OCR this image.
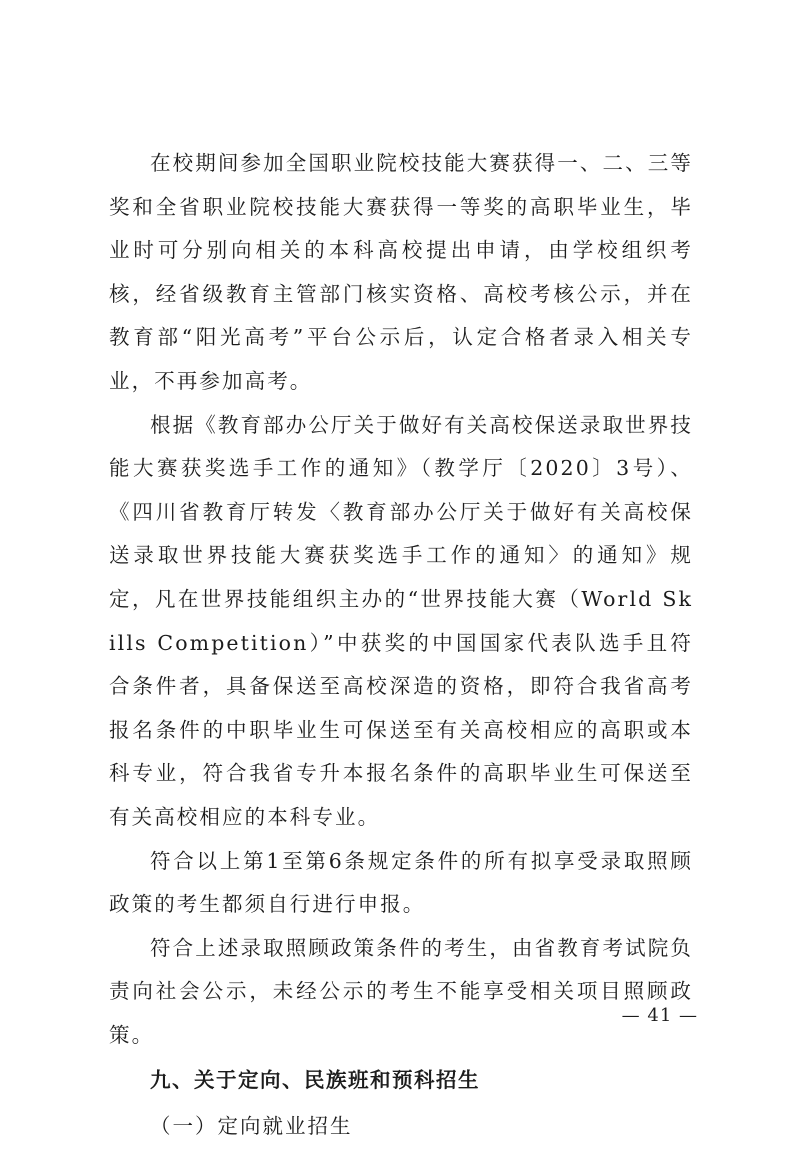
在校期间参加全国职业院校技能大赛获得一、二、三等奖和全省职业院校技能大赛获得一等奖的高职毕业生，毕业时可分别向相关的本科高校提出申请，由学校组织考核，经省级教育主管部门核实资格、高校考核公示，并在教育部“阳光高考”平台公示后，认定合格者录入相关专业，不再参加高考。

根据《教育部办公厅关于做好有关高校保送录取世界技能大赛获奖选手工作的通知》（教学厅〔2020〕3号）、《四川省教育厅转发〈教育部办公厅关于做好有关高校保送录取世界技能大赛获奖选手工作的通知〉的通知》规定，凡在世界技能组织主办的“世界技能大赛（World Skills Competition）”中获奖的中国国家代表队选手且符合条件者，具备保送至高校深造的资格，即符合我省高考报名条件的中职毕业生可保送至有关高校相应的高职或本科专业，符合我省专升本报名条件的高职毕业生可保送至有关高校相应的本科专业。

符合以上第1至第6条规定条件的所有拟享受录取照顾政策的考生都须自行进行申报。

符合上述录取照顾政策条件的考生，由省教育考试院负责向社会公示，未经公示的考生不能享受相关项目照顾政策。

九、关于定向、民族班和预科招生

（一）定向就业招生

— 41 —
